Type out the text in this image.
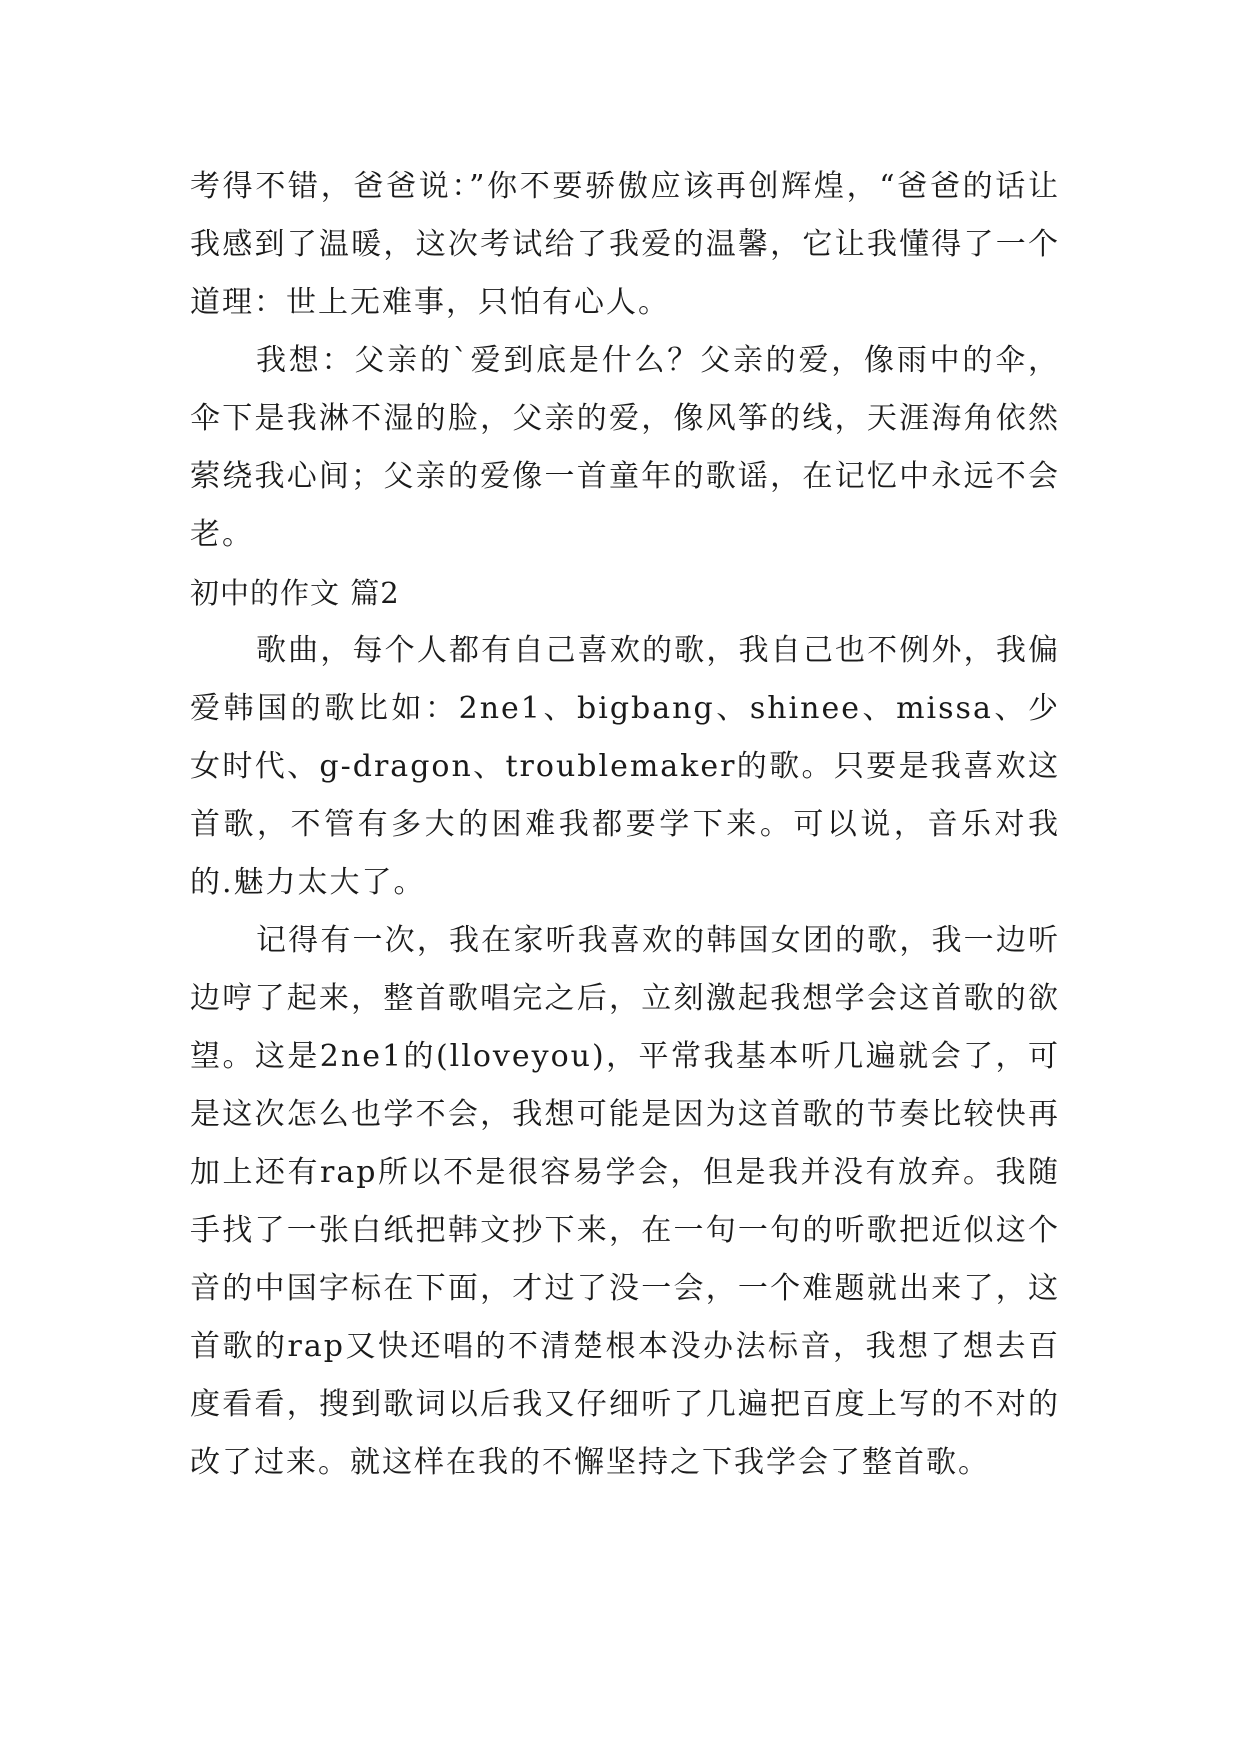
考得不错，爸爸说：”你不要骄傲应该再创辉煌，“爸爸的话让我感到了温暖，这次考试给了我爱的温馨，它让我懂得了一个道理：世上无难事，只怕有心人。

我想：父亲的`爱到底是什么？父亲的爱，像雨中的伞，伞下是我淋不湿的脸，父亲的爱，像风筝的线，天涯海角依然萦绕我心间；父亲的爱像一首童年的歌谣，在记忆中永远不会老。

初中的作文 篇2

歌曲，每个人都有自己喜欢的歌，我自己也不例外，我偏爱韩国的歌比如：2ne1、bigbang、shinee、missa、少女时代、g-dragon、troublemaker的歌。只要是我喜欢这首歌，不管有多大的困难我都要学下来。可以说，音乐对我的.魅力太大了。

记得有一次，我在家听我喜欢的韩国女团的歌，我一边听边哼了起来，整首歌唱完之后，立刻激起我想学会这首歌的欲望。这是2ne1的(lloveyou)，平常我基本听几遍就会了，可是这次怎么也学不会，我想可能是因为这首歌的节奏比较快再加上还有rap所以不是很容易学会，但是我并没有放弃。我随手找了一张白纸把韩文抄下来，在一句一句的听歌把近似这个音的中国字标在下面，才过了没一会，一个难题就出来了，这首歌的rap又快还唱的不清楚根本没办法标音，我想了想去百度看看，搜到歌词以后我又仔细听了几遍把百度上写的不对的改了过来。就这样在我的不懈坚持之下我学会了整首歌。
